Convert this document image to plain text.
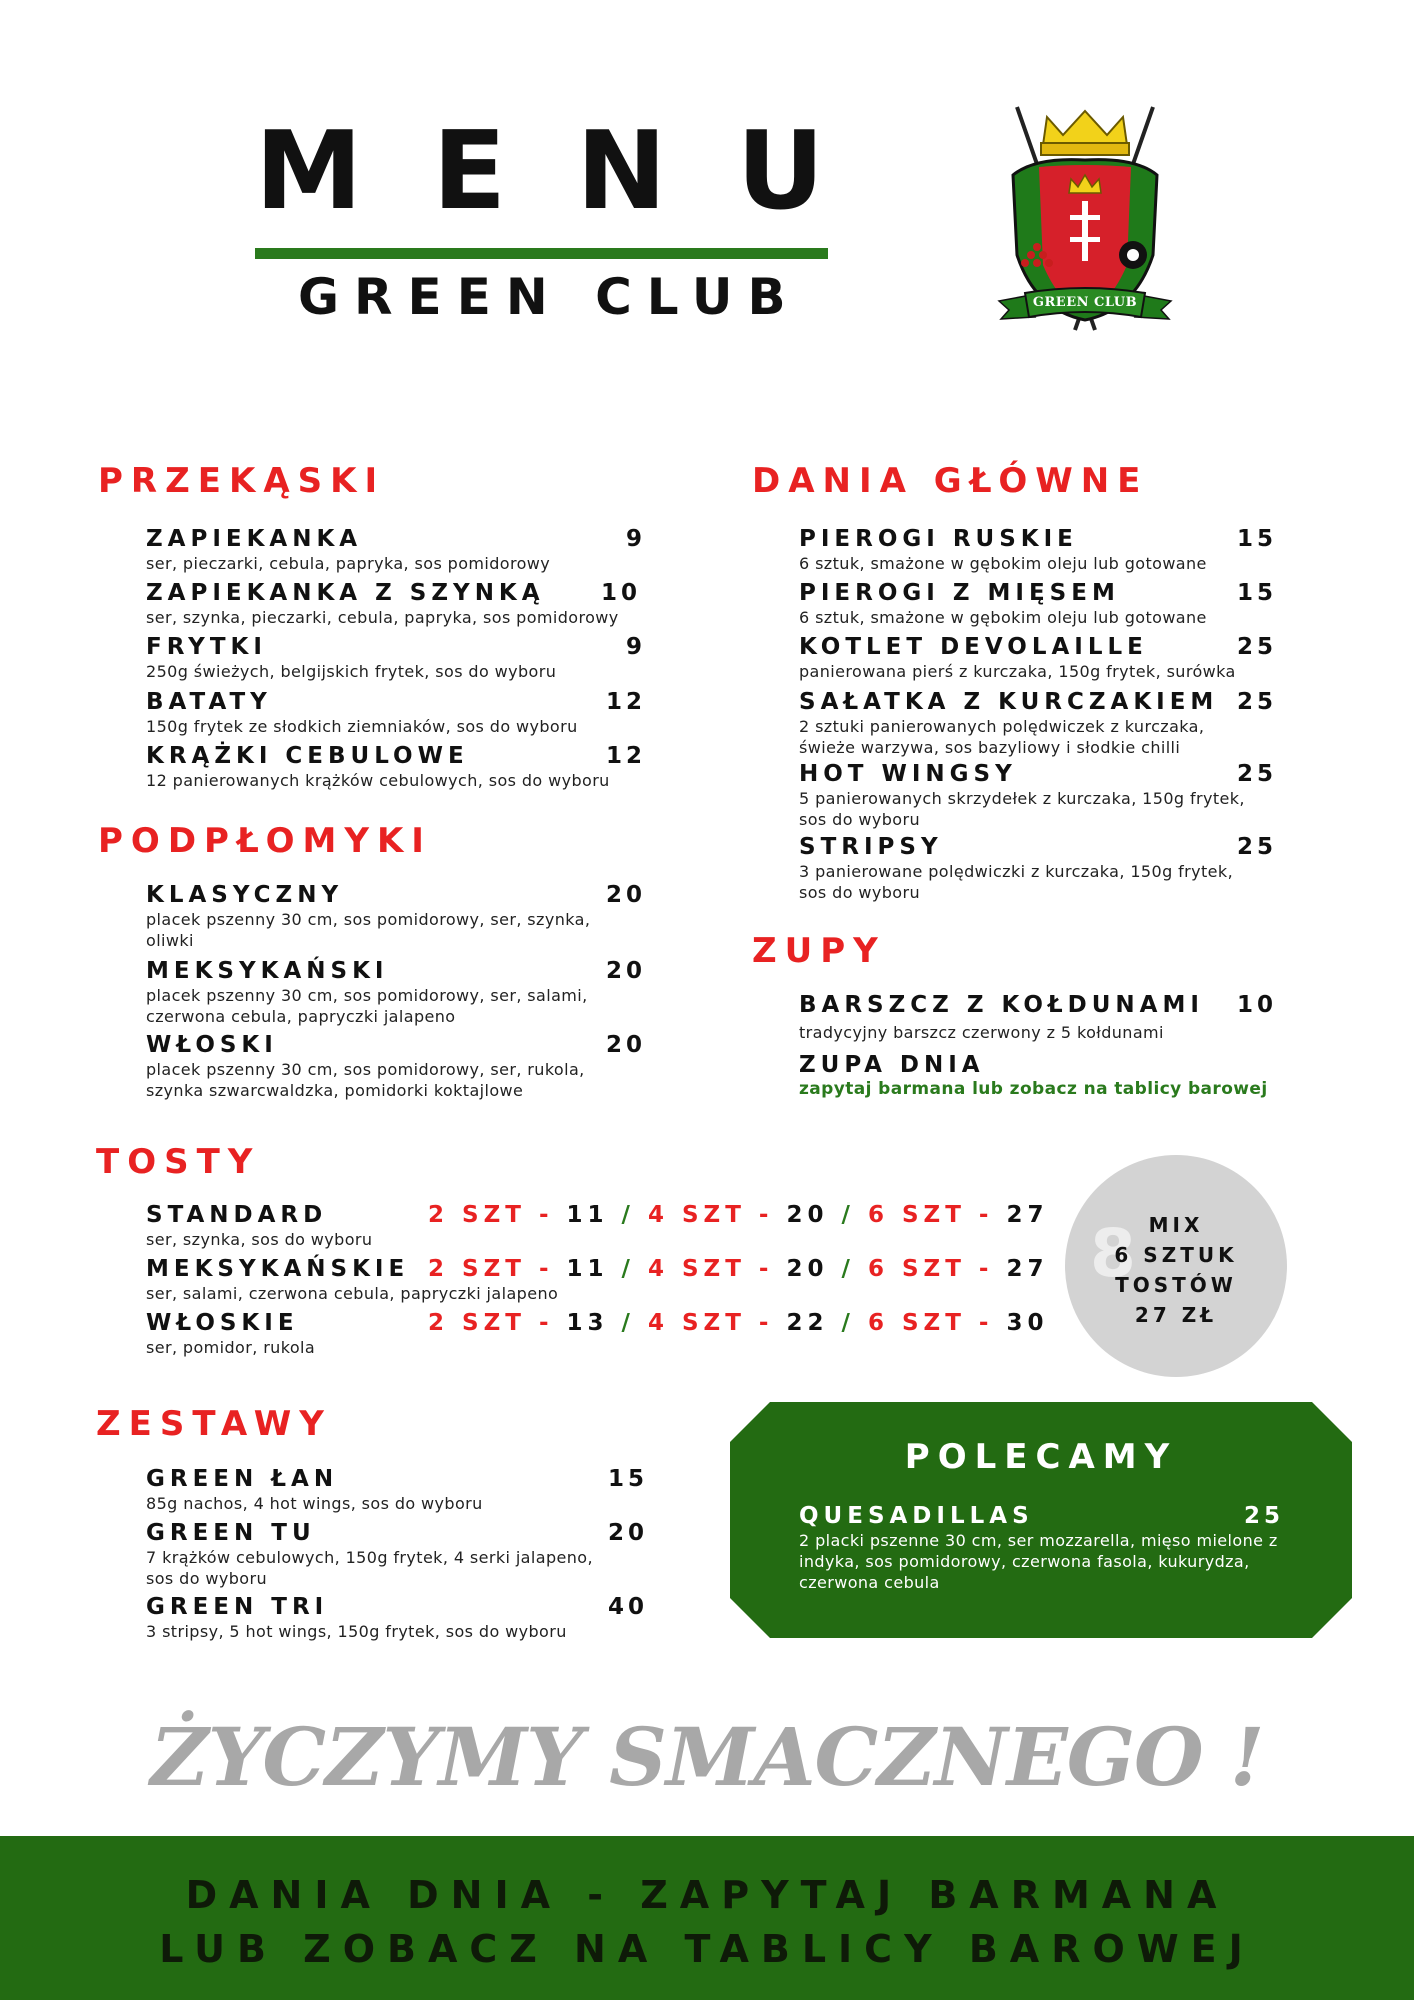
MENU
GREEN CLUB	GREEN CLUB
PRZEKĄSKI
ZAPIEKANKA	9
ser, pieczarki, cebula, papryka, sos pomidorowy
ZAPIEKANKA Z SZYNKĄ 10
ser, szynka, pieczarki, cebula, papryka, sos pomidorowy
FRYTKI	9
250g świeżych, belgijskich frytek, sos do wyboru
BATATY	12
150g frytek ze słodkich ziemniaków, sos do wyboru
KRĄŻKI CEBULOWE	12
12 panierowanych krążków cebulowych, sos do wyboru
PODPŁOMYKI
KLASYCZNY	20
placek pszenny 30 cm, sos pomidorowy, ser, szynka, oliwki
MEKSYKAŃSKI	20
placek pszenny 30 cm, sos pomidorowy, ser, salami, czerwona cebula, papryczki jalapeno
WŁOSKI	20
placek pszenny 30 cm, sos pomidorowy, ser, rukola, szynka szwarcwaldzka, pomidorki koktajlowe
DANIA GŁÓWNE
PIEROGI RUSKIE	15
6 sztuk, smażone w gębokim oleju lub gotowane
PIEROGI Z MIĘSEM	15
6 sztuk, smażone w gębokim oleju lub gotowane
KOTLET DEVOLAILLE	25
panierowana pierś z kurczaka, 150g frytek, surówka
SAŁATKA Z KURCZAKIEM 25
2 sztuki panierowanych polędwiczek z kurczaka, świeże warzywa, sos bazyliowy i słodkie chilli
HOT WINGSY	25
5 panierowanych skrzydełek z kurczaka, 150g frytek, sos do wyboru
STRIPSY	25
3 panierowane polędwiczki z kurczaka, 150g frytek, sos do wyboru
ZUPY
BARSZCZ Z KOŁDUNAMI 10
tradycyjny barszcz czerwony z 5 kołdunami
ZUPA DNIA
zapytaj barmana lub zobacz na tablicy barowej
TOSTY
STANDARD
ser, szynka, sos do wyboru
2 SZT - 11 / 4 SZT - 20 / 6 SZT - 27
MEKSYKAŃSKIE
ser, salami, czerwona cebula, papryczki jalapeno
2 SZT - 11 / 4 SZT - 20 / 6 SZT - 27
WŁOSKIE
ser, pomidor, rukola
2 SZT - 13 / 4 SZT - 22 / 6 SZT - 30
8 MIX
6 SZTUK
TOSTÓW
27 ZŁ
ZESTAWY
GREEN ŁAN	15
85g nachos, 4 hot wings, sos do wyboru
GREEN TU	20
7 krążków cebulowych, 150g frytek, 4 serki jalapeno, sos do wyboru
GREEN TRI	40
3 stripsy, 5 hot wings, 150g frytek, sos do wyboru
POLECAMY
QUESADILLAS	25
2 placki pszenne 30 cm, ser mozzarella, mięso mielone z indyka, sos pomidorowy, czerwona fasola, kukurydza, czerwona cebula
ŻYCZYMY SMACZNEGO !
DANIA DNIA - ZAPYTAJ BARMANA
LUB ZOBACZ NA TABLICY BAROWEJ
